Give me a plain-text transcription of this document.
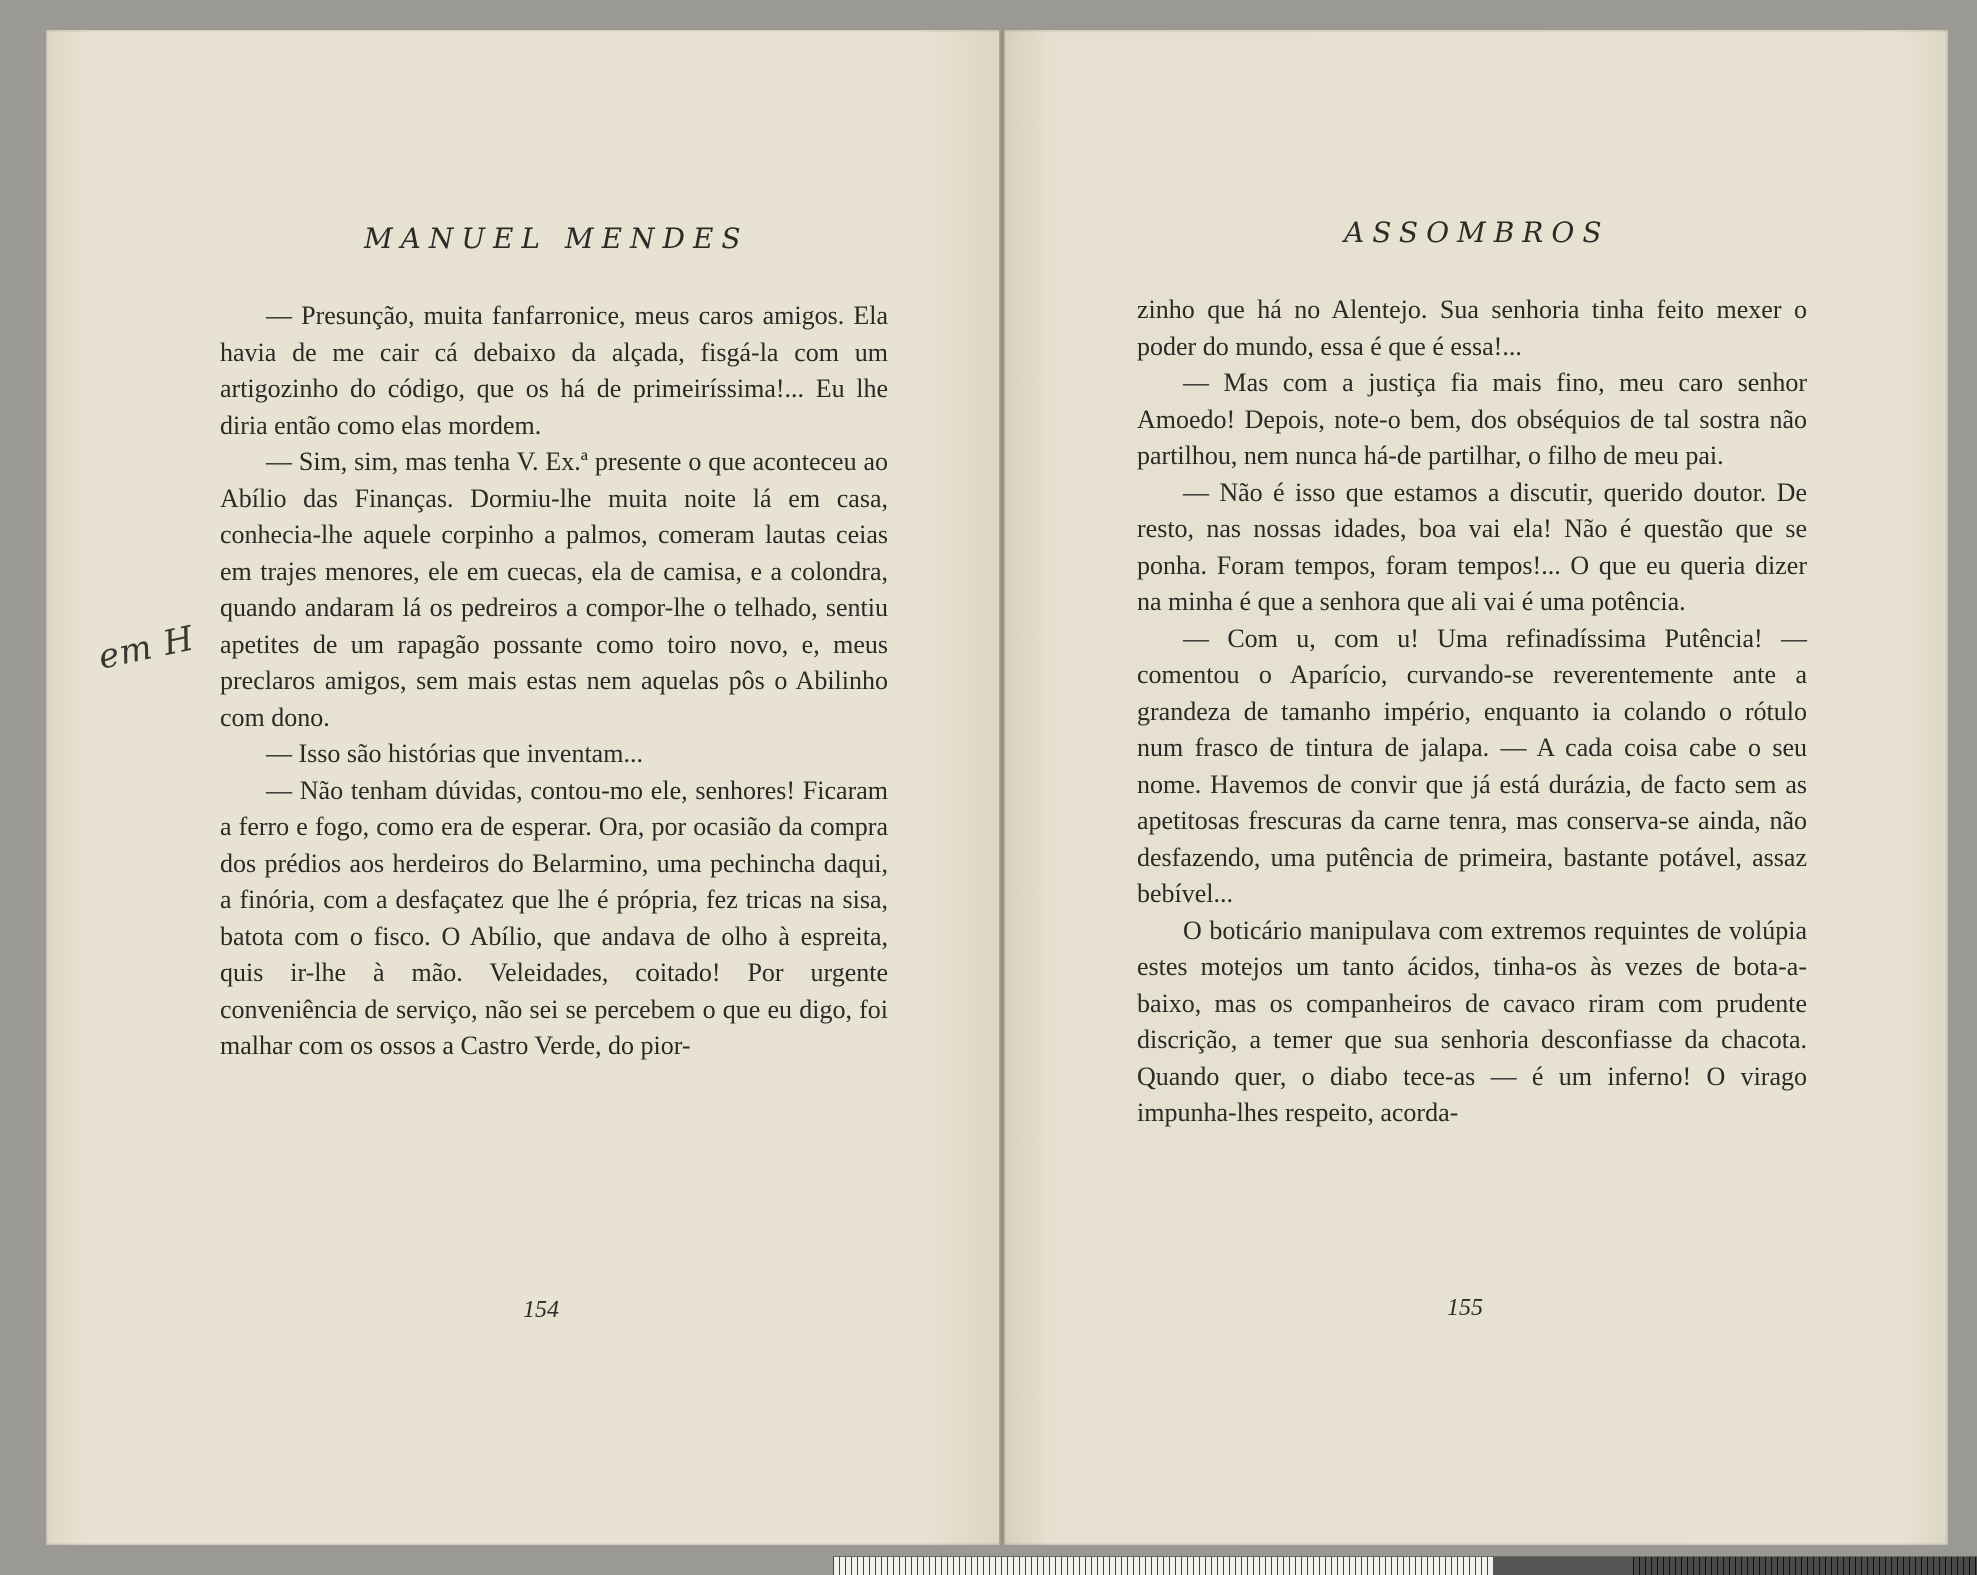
MANUEL MENDES
em H

— Presunção, muita fanfarronice, meus caros amigos. Ela havia de me cair cá debaixo da alçada, fisgá-la com um artigozinho do código, que os há de primeiríssima!... Eu lhe diria então como elas mordem.

— Sim, sim, mas tenha V. Ex.ª presente o que aconteceu ao Abílio das Finanças. Dormiu-lhe muita noite lá em casa, conhecia-lhe aquele corpinho a palmos, comeram lautas ceias em trajes menores, ele em cuecas, ela de camisa, e a colondra, quando andaram lá os pedreiros a compor-lhe o telhado, sentiu apetites de um rapagão possante como toiro novo, e, meus preclaros amigos, sem mais estas nem aquelas pôs o Abilinho com dono.

— Isso são histórias que inventam...

— Não tenham dúvidas, contou-mo ele, senhores! Ficaram a ferro e fogo, como era de esperar. Ora, por ocasião da compra dos prédios aos herdeiros do Belarmino, uma pechincha daqui, a finória, com a desfaçatez que lhe é própria, fez tricas na sisa, batota com o fisco. O Abílio, que andava de olho à espreita, quis ir-lhe à mão. Veleidades, coitado! Por urgente conveniência de serviço, não sei se percebem o que eu digo, foi malhar com os ossos a Castro Verde, do pior-

154
ASSOMBROS

zinho que há no Alentejo. Sua senhoria tinha feito mexer o poder do mundo, essa é que é essa!...

— Mas com a justiça fia mais fino, meu caro senhor Amoedo! Depois, note-o bem, dos obséquios de tal sostra não partilhou, nem nunca há-de partilhar, o filho de meu pai.

— Não é isso que estamos a discutir, querido doutor. De resto, nas nossas idades, boa vai ela! Não é questão que se ponha. Foram tempos, foram tempos!... O que eu queria dizer na minha é que a senhora que ali vai é uma potência.

— Com u, com u! Uma refinadíssima Putência! — comentou o Aparício, curvando-se reverentemente ante a grandeza de tamanho império, enquanto ia colando o rótulo num frasco de tintura de jalapa. — A cada coisa cabe o seu nome. Havemos de convir que já está durázia, de facto sem as apetitosas frescuras da carne tenra, mas conserva-se ainda, não desfazendo, uma putência de primeira, bastante potável, assaz bebível...

O boticário manipulava com extremos requintes de volúpia estes motejos um tanto ácidos, tinha-os às vezes de bota-a-baixo, mas os companheiros de cavaco riram com prudente discrição, a temer que sua senhoria desconfiasse da chacota. Quando quer, o diabo tece-as — é um inferno! O virago impunha-lhes respeito, acorda-

155
